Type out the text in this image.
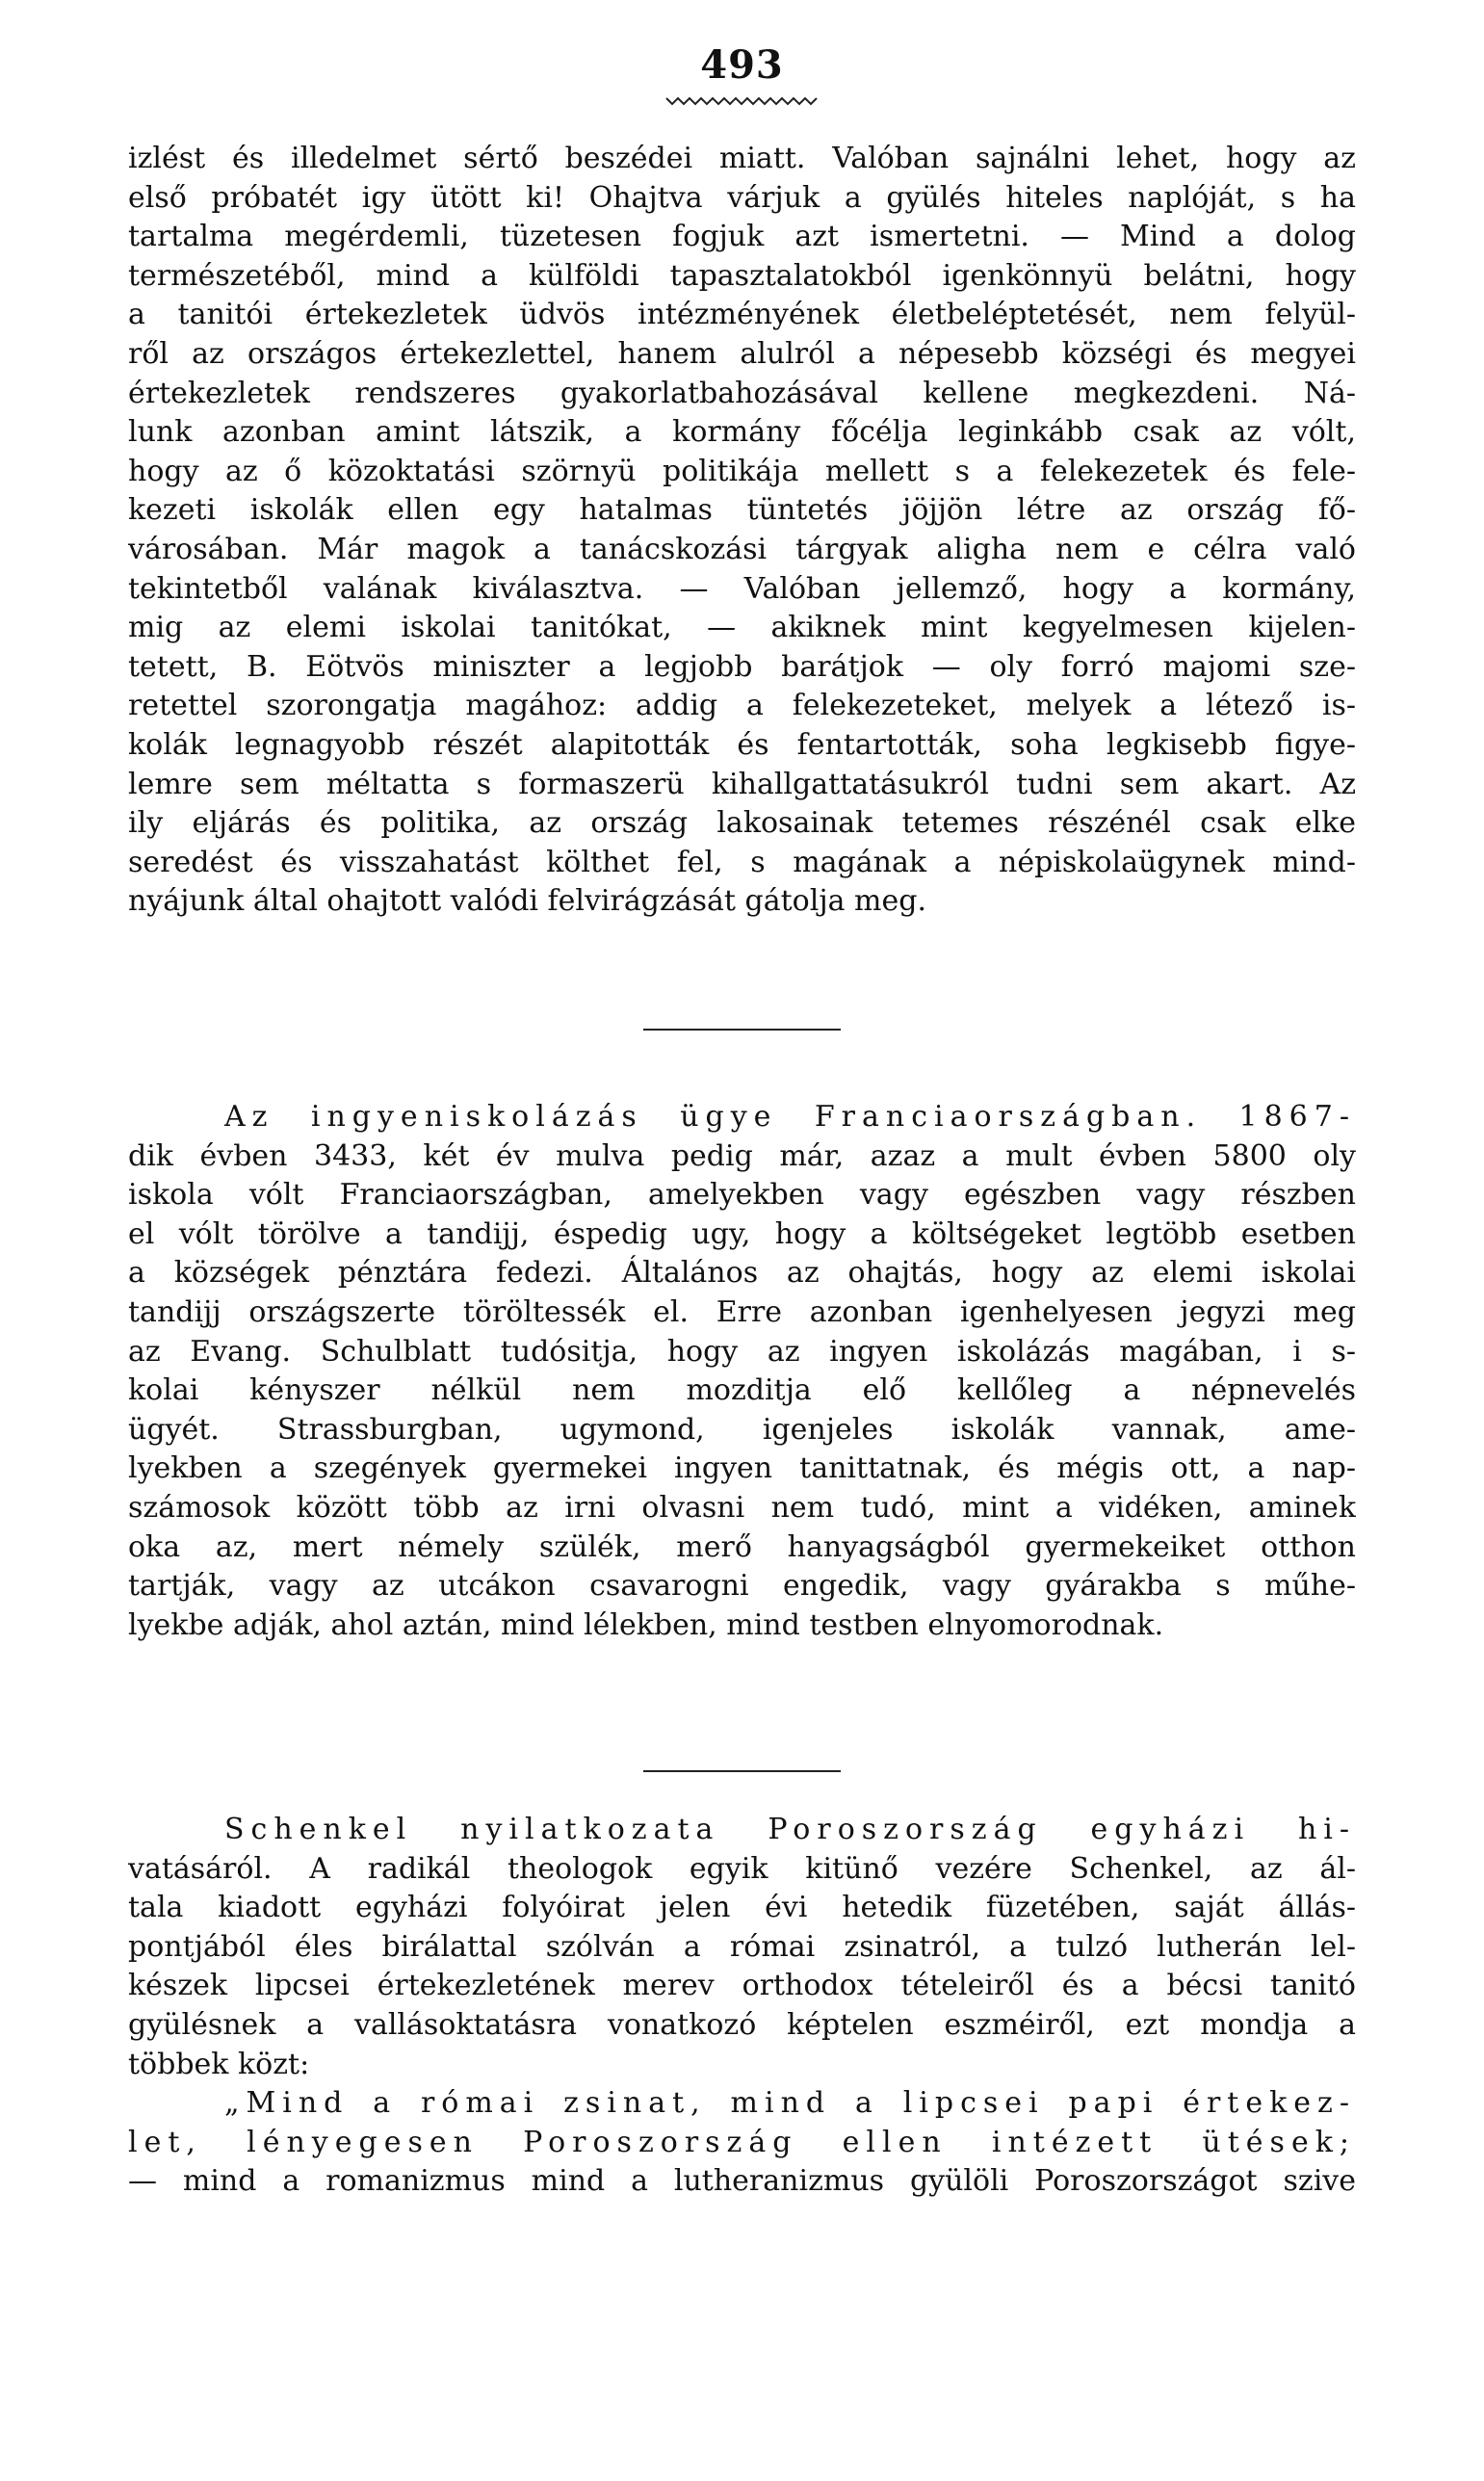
493
izlést és illedelmet sértő beszédei miatt. Valóban sajnálni lehet, hogy az
első próbatét igy ütött ki! Ohajtva várjuk a gyülés hiteles naplóját, s ha
tartalma megérdemli, tüzetesen fogjuk azt ismertetni. — Mind a dolog
természetéből, mind a külföldi tapasztalatokból igenkönnyü belátni, hogy
a tanitói értekezletek üdvös intézményének életbeléptetését, nem felyül-
ről az országos értekezlettel, hanem alulról a népesebb községi és megyei
értekezletek rendszeres gyakorlatbahozásával kellene megkezdeni. Ná-
lunk azonban amint látszik, a kormány főcélja leginkább csak az vólt,
hogy az ő közoktatási szörnyü politikája mellett s a felekezetek és fele-
kezeti iskolák ellen egy hatalmas tüntetés jöjjön létre az ország fő-
városában. Már magok a tanácskozási tárgyak aligha nem e célra való
tekintetből valának kiválasztva. — Valóban jellemző, hogy a kormány,
mig az elemi iskolai tanitókat, — akiknek mint kegyelmesen kijelen-
tetett, B. Eötvös miniszter a legjobb barátjok — oly forró majomi sze-
retettel szorongatja magához: addig a felekezeteket, melyek a létező is-
kolák legnagyobb részét alapitották és fentartották, soha legkisebb figye-
lemre sem méltatta s formaszerü kihallgattatásukról tudni sem akart. Az
ily eljárás és politika, az ország lakosainak tetemes részénél csak elke
seredést és visszahatást költhet fel, s magának a népiskolaügynek mind-
nyájunk által ohajtott valódi felvirágzását gátolja meg.
Az ingyeniskolázás ügye Franciaországban. 1867-
dik évben 3433, két év mulva pedig már, azaz a mult évben 5800 oly
iskola vólt Franciaországban, amelyekben vagy egészben vagy részben
el vólt törölve a tandijj, éspedig ugy, hogy a költségeket legtöbb esetben
a községek pénztára fedezi. Általános az ohajtás, hogy az elemi iskolai
tandijj országszerte töröltessék el. Erre azonban igenhelyesen jegyzi meg
az Evang. Schulblatt tudósitja, hogy az ingyen iskolázás magában, i s-
kolai kényszer nélkül nem mozditja elő kellőleg a népnevelés
ügyét. Strassburgban, ugymond, igenjeles iskolák vannak, ame-
lyekben a szegények gyermekei ingyen tanittatnak, és mégis ott, a nap-
számosok között több az irni olvasni nem tudó, mint a vidéken, aminek
oka az, mert némely szülék, merő hanyagságból gyermekeiket otthon
tartják, vagy az utcákon csavarogni engedik, vagy gyárakba s műhe-
lyekbe adják, ahol aztán, mind lélekben, mind testben elnyomorodnak.
Schenkel nyilatkozata Poroszország egyházi hi-
vatásáról. A radikál theologok egyik kitünő vezére Schenkel, az ál-
tala kiadott egyházi folyóirat jelen évi hetedik füzetében, saját állás-
pontjából éles birálattal szólván a római zsinatról, a tulzó lutherán lel-
készek lipcsei értekezletének merev orthodox tételeiről és a bécsi tanitó
gyülésnek a vallásoktatásra vonatkozó képtelen eszméiről, ezt mondja a
többek közt:
„Mind a római zsinat, mind a lipcsei papi értekez-
let, lényegesen Poroszország ellen intézett ütések;
— mind a romanizmus mind a lutheranizmus gyülöli Poroszországot szive
